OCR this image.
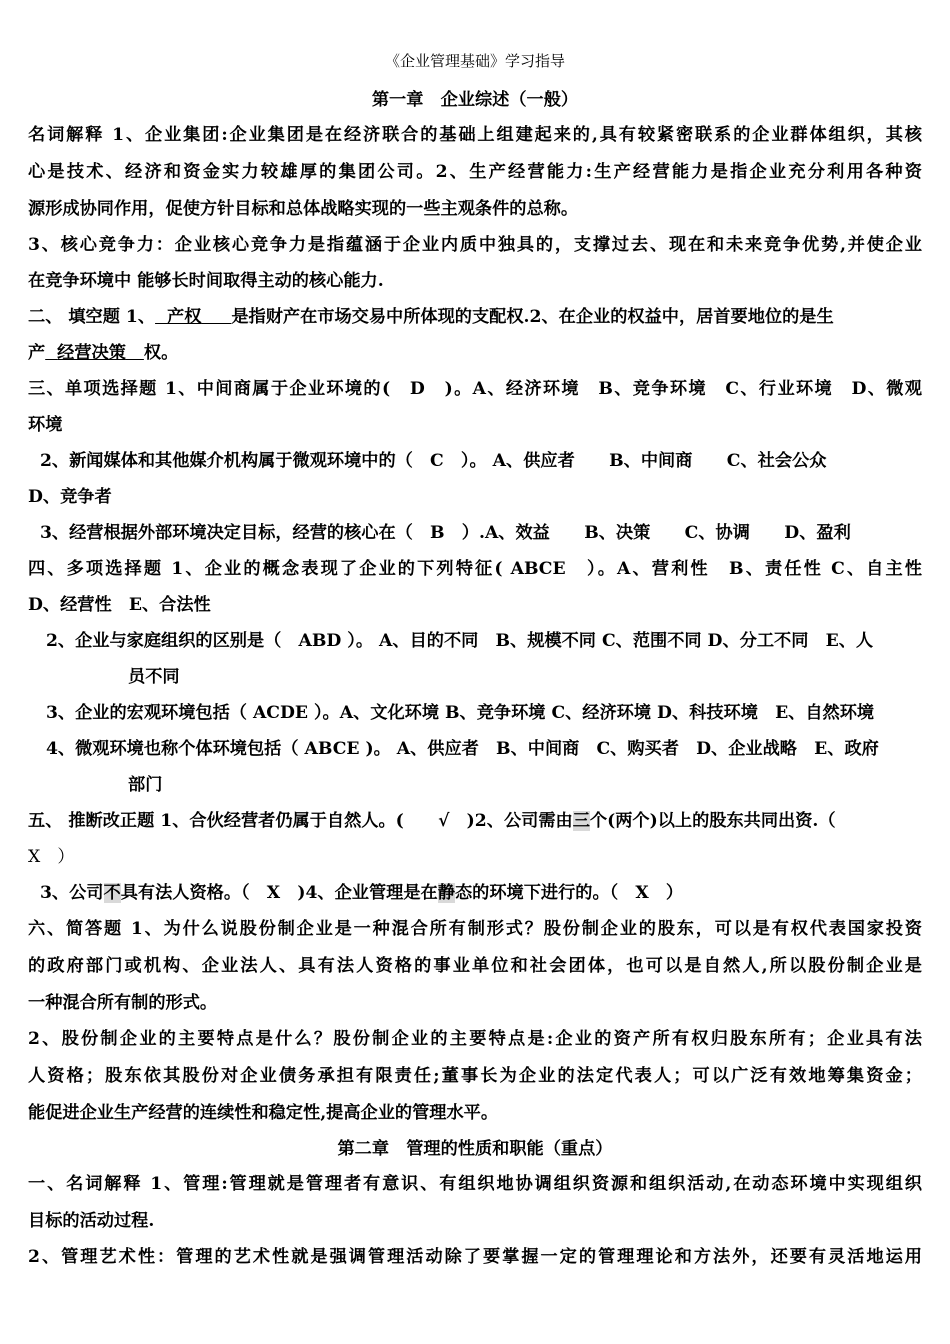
《企业管理基础》学习指导
第一章　企业综述（一般）
名词解释 1、企业集团:企业集团是在经济联合的基础上组建起来的,具有较紧密联系的企业群体组织，其核
心是技术、经济和资金实力较雄厚的集团公司。2、生产经营能力:生产经营能力是指企业充分利用各种资
源形成协同作用，促使方针目标和总体战略实现的一些主观条件的总称。
3、核心竞争力：企业核心竞争力是指蕴涵于企业内质中独具的，支撑过去、现在和未来竞争优势,并使企业
在竞争环境中 能够长时间取得主动的核心能力.
二、 填空题 1、 产权 是指财产在市场交易中所体现的支配权.2、在企业的权益中，居首要地位的是生
产 经营决策 权。
三、单项选择题 1、中间商属于企业环境的(　D　)。A、经济环境　B、竞争环境　C、行业环境　D、微观
环境
2、新闻媒体和其他媒介机构属于微观环境中的（　C　）。 A、供应者　　B、中间商　　C、社会公众
D、竞争者
3、经营根据外部环境决定目标，经营的核心在（　B　）.A、效益　　B、决策　　C、协调　　D、盈利
四、多项选择题 1、企业的概念表现了企业的下列特征( ABCE　）。A、营利性　B、责任性 C、自主性
D、经营性　E、合法性
2、企业与家庭组织的区别是（　ABD ）。 A、目的不同　B、规模不同 C、范围不同 D、分工不同　E、人
员不同
3、企业的宏观环境包括（ ACDE ）。A、文化环境 B、竞争环境 C、经济环境 D、科技环境　E、自然环境
4、微观环境也称个体环境包括（ ABCE )。 A、供应者　B、中间商　C、购买者　D、企业战略　E、政府
部门
五、 推断改正题 1、合伙经营者仍属于自然人。(　　√　)2、公司需由三个(两个)以上的股东共同出资.（
X　）
3、公司不具有法人资格。（　X　)4、企业管理是在静态的环境下进行的。（　X　）
六、简答题 1、为什么说股份制企业是一种混合所有制形式？股份制企业的股东，可以是有权代表国家投资
的政府部门或机构、企业法人、具有法人资格的事业单位和社会团体，也可以是自然人,所以股份制企业是
一种混合所有制的形式。
2、股份制企业的主要特点是什么？股份制企业的主要特点是:企业的资产所有权归股东所有；企业具有法
人资格；股东依其股份对企业债务承担有限责任;董事长为企业的法定代表人；可以广泛有效地筹集资金；
能促进企业生产经营的连续性和稳定性,提高企业的管理水平。
第二章　管理的性质和职能（重点）
一、名词解释 1、管理:管理就是管理者有意识、有组织地协调组织资源和组织活动,在动态环境中实现组织
目标的活动过程.
2、管理艺术性：管理的艺术性就是强调管理活动除了要掌握一定的管理理论和方法外，还要有灵活地运用
